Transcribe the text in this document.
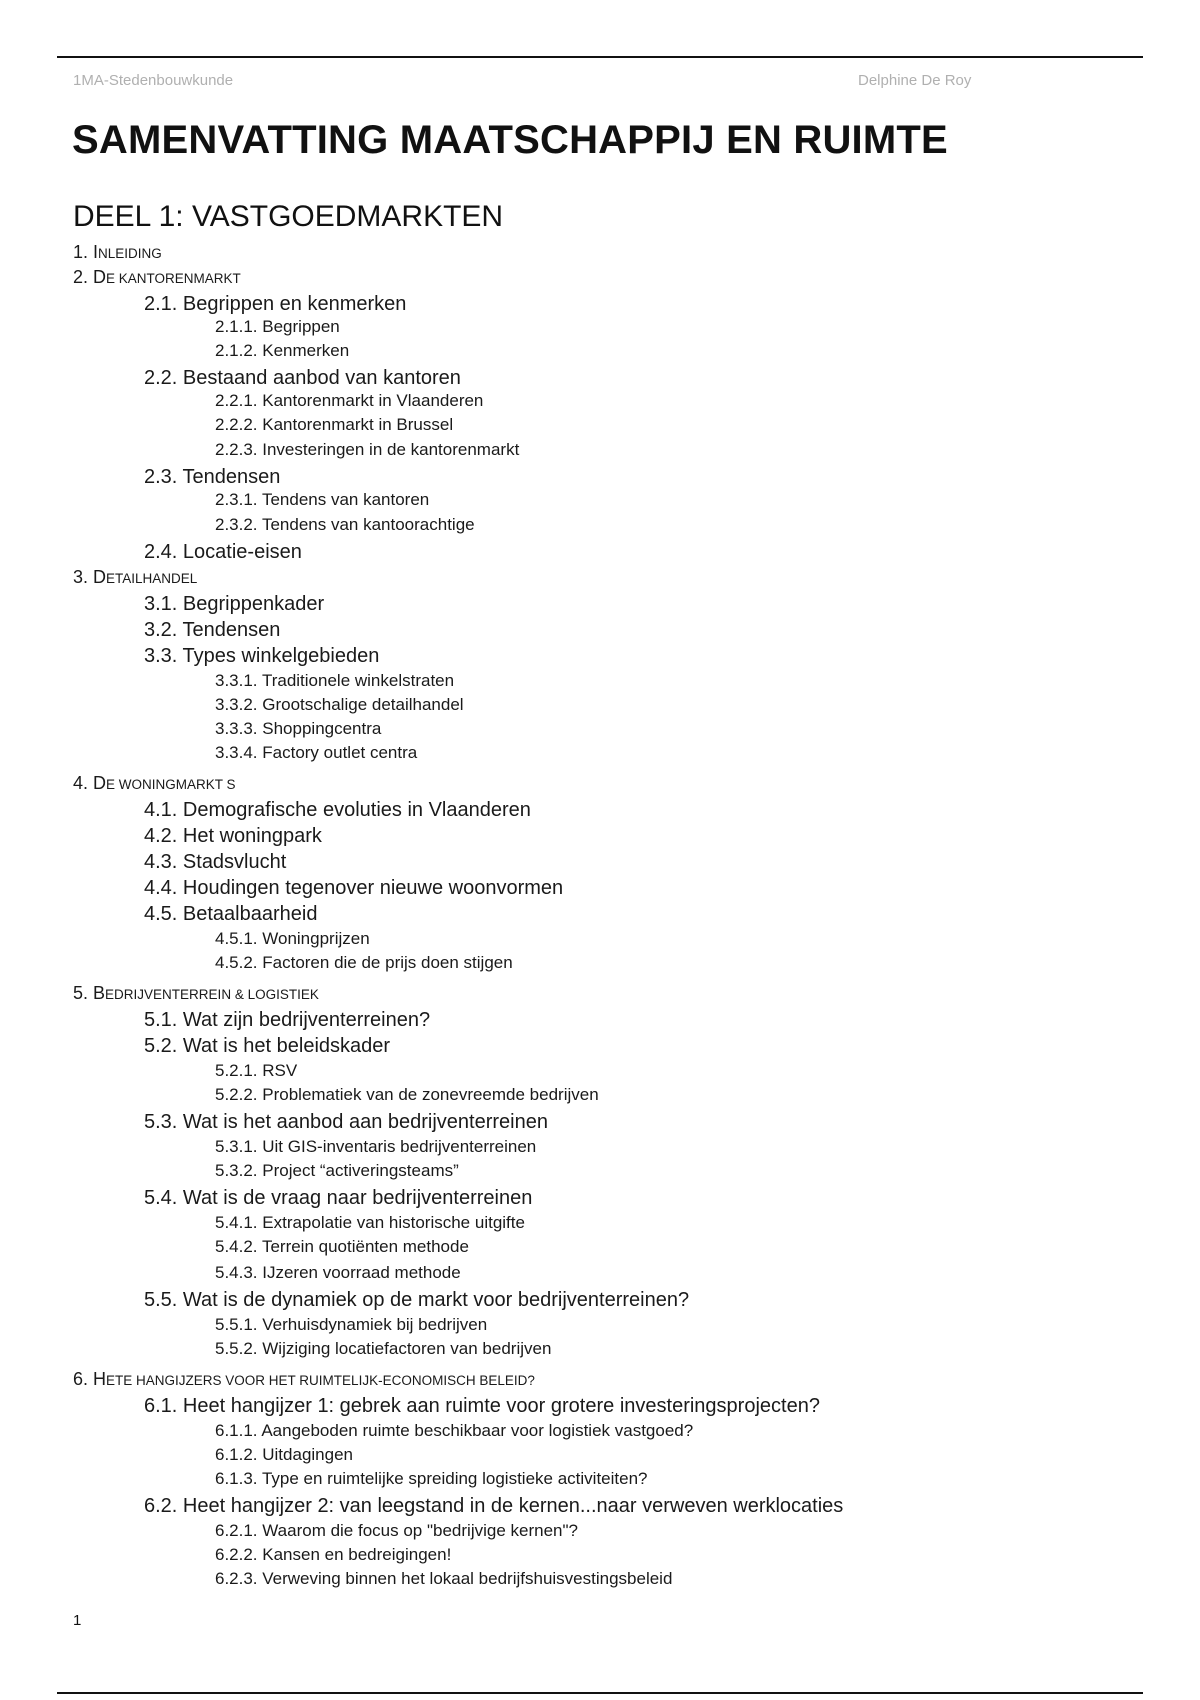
1MA-Stedenbouwkunde	Delphine De Roy
SAMENVATTING MAATSCHAPPIJ EN RUIMTE
DEEL 1: VASTGOEDMARKTEN
1. INLEIDING
2. DE KANTORENMARKT
2.1. Begrippen en kenmerken
2.1.1. Begrippen
2.1.2. Kenmerken
2.2. Bestaand aanbod van kantoren
2.2.1. Kantorenmarkt in Vlaanderen
2.2.2. Kantorenmarkt in Brussel
2.2.3. Investeringen in de kantorenmarkt
2.3. Tendensen
2.3.1. Tendens van kantoren
2.3.2. Tendens van kantoorachtige
2.4. Locatie-eisen
3. DETAILHANDEL
3.1. Begrippenkader
3.2. Tendensen
3.3. Types winkelgebieden
3.3.1. Traditionele winkelstraten
3.3.2. Grootschalige detailhandel
3.3.3. Shoppingcentra
3.3.4. Factory outlet centra
4. DE WONINGMARKT S
4.1. Demografische evoluties in Vlaanderen
4.2. Het woningpark
4.3. Stadsvlucht
4.4. Houdingen tegenover nieuwe woonvormen
4.5. Betaalbaarheid
4.5.1. Woningprijzen
4.5.2. Factoren die de prijs doen stijgen
5. BEDRIJVENTERREIN & LOGISTIEK
5.1. Wat zijn bedrijventerreinen?
5.2. Wat is het beleidskader
5.2.1. RSV
5.2.2. Problematiek van de zonevreemde bedrijven
5.3. Wat is het aanbod aan bedrijventerreinen
5.3.1. Uit GIS-inventaris bedrijventerreinen
5.3.2. Project “activeringsteams”
5.4. Wat is de vraag naar bedrijventerreinen
5.4.1. Extrapolatie van historische uitgifte
5.4.2. Terrein quotiënten methode
5.4.3. IJzeren voorraad methode
5.5. Wat is de dynamiek op de markt voor bedrijventerreinen?
5.5.1. Verhuisdynamiek bij bedrijven
5.5.2. Wijziging locatiefactoren van bedrijven
6. HETE HANGIJZERS VOOR HET RUIMTELIJK-ECONOMISCH BELEID?
6.1. Heet hangijzer 1: gebrek aan ruimte voor grotere investeringsprojecten?
6.1.1. Aangeboden ruimte beschikbaar voor logistiek vastgoed?
6.1.2. Uitdagingen
6.1.3. Type en ruimtelijke spreiding logistieke activiteiten?
6.2. Heet hangijzer 2: van leegstand in de kernen...naar verweven werklocaties
6.2.1. Waarom die focus op "bedrijvige kernen"?
6.2.2. Kansen en bedreigingen!
6.2.3. Verweving binnen het lokaal bedrijfshuisvestingsbeleid
1
